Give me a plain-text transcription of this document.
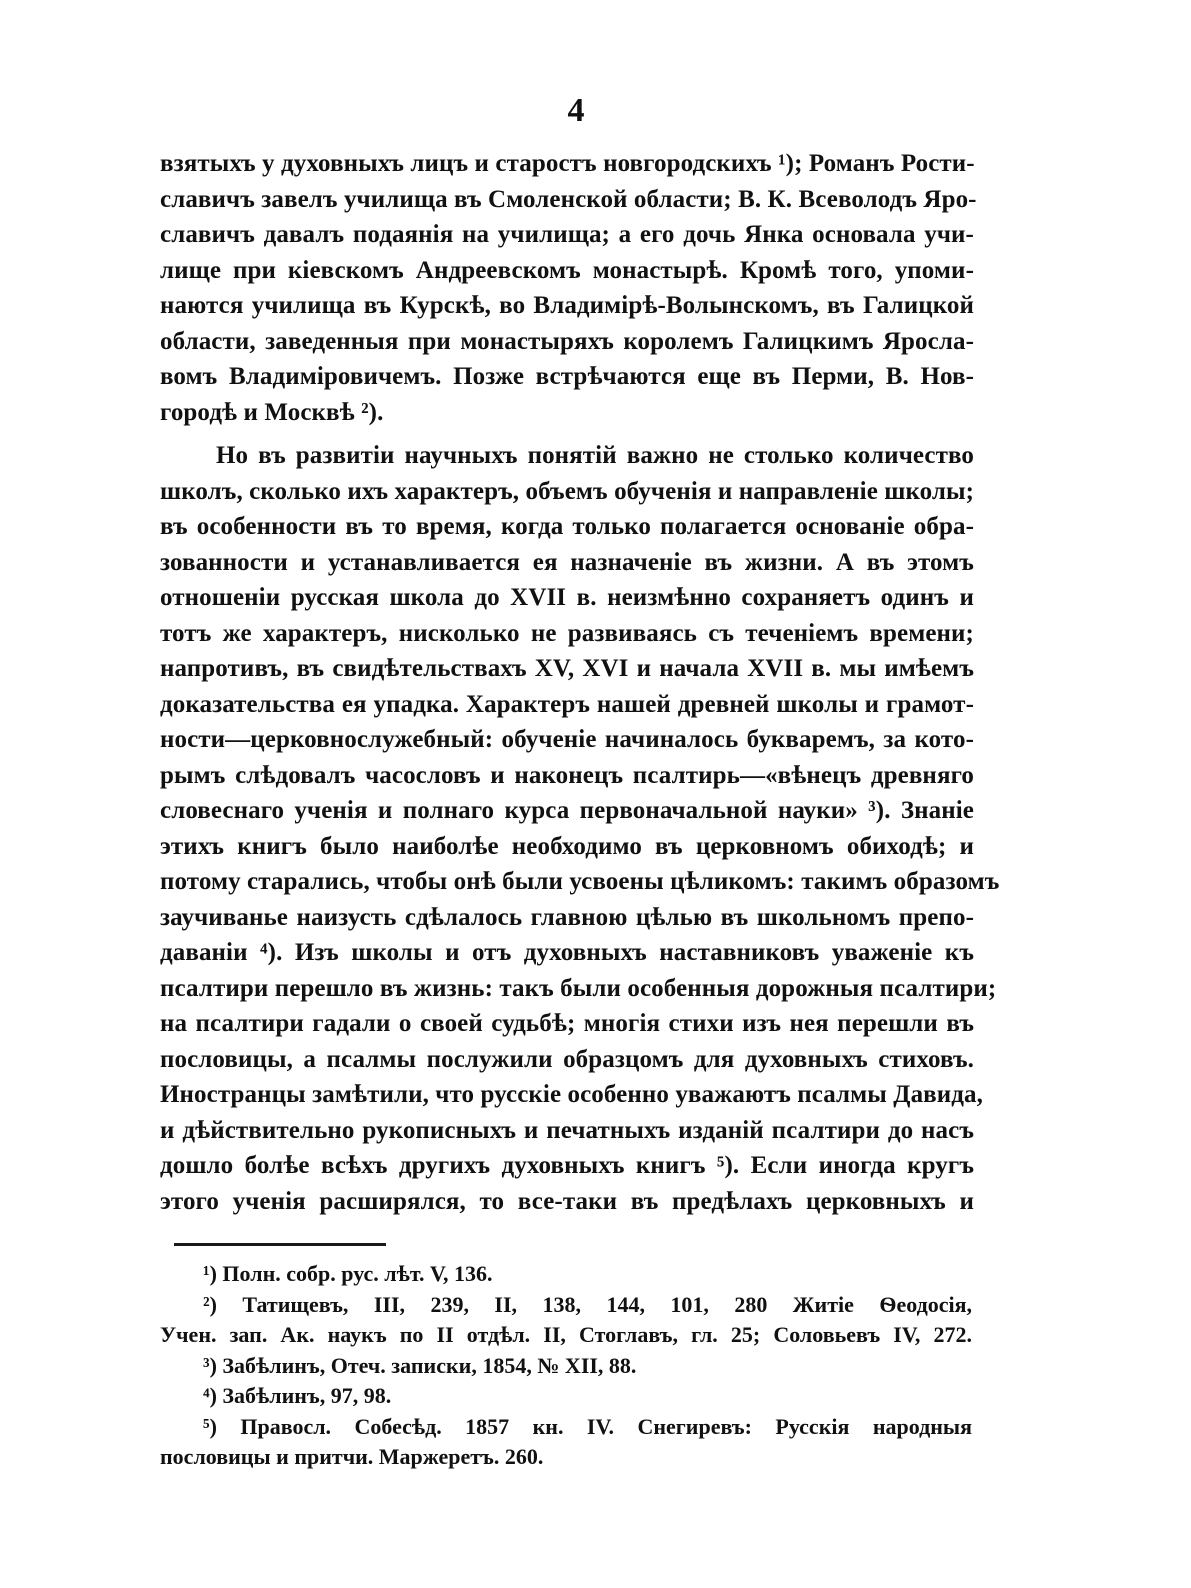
4
взятыхъ у духовныхъ лицъ и старостъ новгородскихъ ¹); Романъ Рости-
славичъ завелъ училища въ Смоленской области; В. К. Всеволодъ Яро-
славичъ давалъ подаянія на училища; а его дочь Янка основала учи-
лище при кіевскомъ Андреевскомъ монастырѣ. Кромѣ того, упоми-
наются училища въ Курскѣ, во Владимірѣ-Волынскомъ, въ Галицкой
области, заведенныя при монастыряхъ королемъ Галицкимъ Яросла-
вомъ Владиміровичемъ. Позже встрѣчаются еще въ Перми, В. Нов-
городѣ и Москвѣ ²).
Но въ развитіи научныхъ понятій важно не столько количество
школъ, сколько ихъ характеръ, объемъ обученія и направленіе школы;
въ особенности въ то время, когда только полагается основаніе обра-
зованности и устанавливается ея назначеніе въ жизни. А въ этомъ
отношеніи русская школа до XVII в. неизмѣнно сохраняетъ одинъ и
тотъ же характеръ, нисколько не развиваясь съ теченіемъ времени;
напротивъ, въ свидѣтельствахъ XV, XVI и начала XVII в. мы имѣемъ
доказательства ея упадка. Характеръ нашей древней школы и грамот-
ности—церковнослужебный: обученіе начиналось букваремъ, за кото-
рымъ слѣдовалъ часословъ и наконецъ псалтирь—«вѣнецъ древняго
словеснаго ученія и полнаго курса первоначальной науки» ³). Знаніе
этихъ книгъ было наиболѣе необходимо въ церковномъ обиходѣ; и
потому старались, чтобы онѣ были усвоены цѣликомъ: такимъ образомъ
заучиванье наизусть сдѣлалось главною цѣлью въ школьномъ препо-
даваніи ⁴). Изъ школы и отъ духовныхъ наставниковъ уваженіе къ
псалтири перешло въ жизнь: такъ были особенныя дорожныя псалтири;
на псалтири гадали о своей судьбѣ; многія стихи изъ нея перешли въ
пословицы, а псалмы послужили образцомъ для духовныхъ стиховъ.
Иностранцы замѣтили, что русскіе особенно уважаютъ псалмы Давида,
и дѣйствительно рукописныхъ и печатныхъ изданій псалтири до насъ
дошло болѣе всѣхъ другихъ духовныхъ книгъ ⁵). Если иногда кругъ
этого ученія расширялся, то все-таки въ предѣлахъ церковныхъ и
¹) Полн. собр. рус. лѣт. V, 136.
²) Татищевъ, III, 239, II, 138, 144, 101, 280 Житіе Ѳеодосія,
Учен. зап. Ак. наукъ по II отдѣл. II, Стоглавъ, гл. 25; Соловьевъ IV, 272.
³) Забѣлинъ, Отеч. записки, 1854, № XII, 88.
⁴) Забѣлинъ, 97, 98.
⁵) Правосл. Собесѣд. 1857 кн. IV. Снегиревъ: Русскія народныя
пословицы и притчи. Маржеретъ. 260.
